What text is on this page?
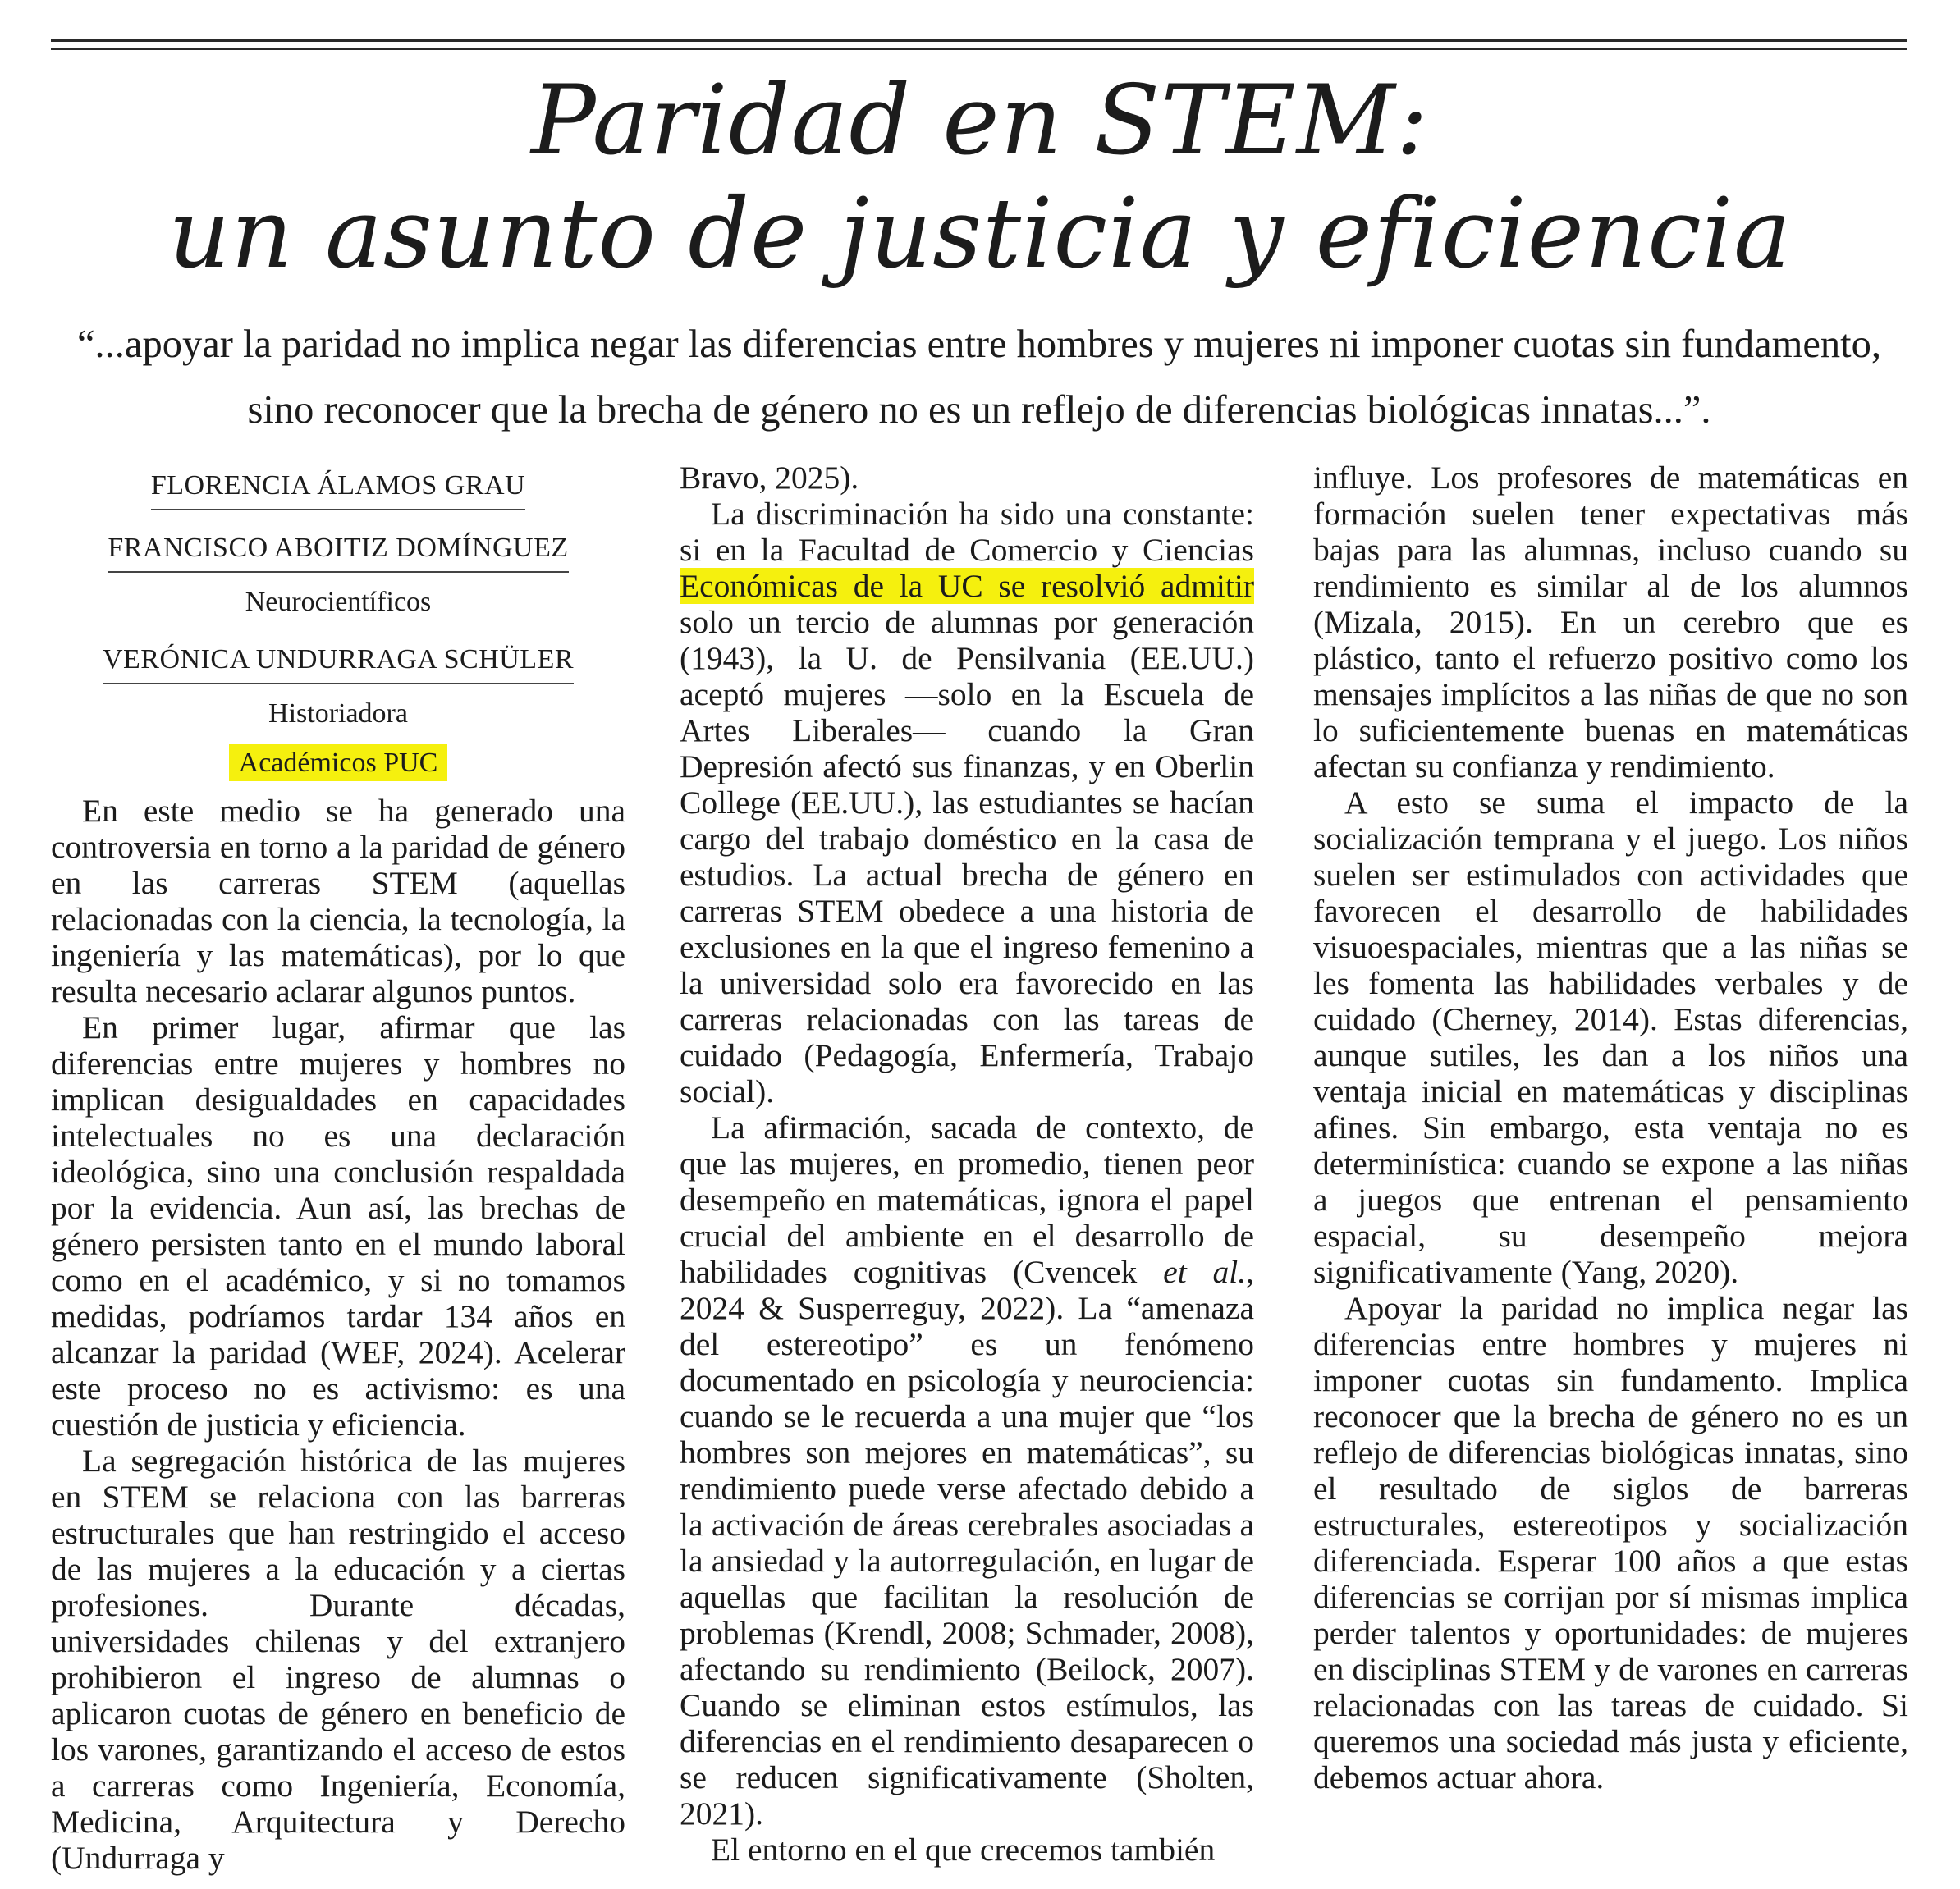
Paridad en STEM:
un asunto de justicia y eficiencia

“...apoyar la paridad no implica negar las diferencias entre hombres y mujeres ni imponer cuotas sin fundamento, sino reconocer que la brecha de género no es un reflejo de diferencias biológicas innatas...”.

FLORENCIA ÁLAMOS GRAU
FRANCISCO ABOITIZ DOMÍNGUEZ
Neurocientíficos
VERÓNICA UNDURRAGA SCHÜLER
Historiadora
Académicos PUC

En este medio se ha generado una controversia en torno a la paridad de género en las carreras STEM (aquellas relacionadas con la ciencia, la tecnología, la ingeniería y las matemáticas), por lo que resulta necesario aclarar algunos puntos.

En primer lugar, afirmar que las diferencias entre mujeres y hombres no implican desigualdades en capacidades intelectuales no es una declaración ideológica, sino una conclusión respaldada por la evidencia. Aun así, las brechas de género persisten tanto en el mundo laboral como en el académico, y si no tomamos medidas, podríamos tardar 134 años en alcanzar la paridad (WEF, 2024). Acelerar este proceso no es activismo: es una cuestión de justicia y eficiencia.

La segregación histórica de las mujeres en STEM se relaciona con las barreras estructurales que han restringido el acceso de las mujeres a la educación y a ciertas profesiones. Durante décadas, universidades chilenas y del extranjero prohibieron el ingreso de alumnas o aplicaron cuotas de género en beneficio de los varones, garantizando el acceso de estos a carreras como Ingeniería, Economía, Medicina, Arquitectura y Derecho (Undurraga y

Bravo, 2025).

La discriminación ha sido una constante: si en la Facultad de Comercio y Ciencias Económicas de la UC se resolvió admitir solo un tercio de alumnas por generación (1943), la U. de Pensilvania (EE.UU.) aceptó mujeres —solo en la Escuela de Artes Liberales— cuando la Gran Depresión afectó sus finanzas, y en Oberlin College (EE.UU.), las estudiantes se hacían cargo del trabajo doméstico en la casa de estudios. La actual brecha de género en carreras STEM obedece a una historia de exclusiones en la que el ingreso femenino a la universidad solo era favorecido en las carreras relacionadas con las tareas de cuidado (Pedagogía, Enfermería, Trabajo social).

La afirmación, sacada de contexto, de que las mujeres, en promedio, tienen peor desempeño en matemáticas, ignora el papel crucial del ambiente en el desarrollo de habilidades cognitivas (Cvencek et al., 2024 & Susperreguy, 2022). La “amenaza del estereotipo” es un fenómeno documentado en psicología y neurociencia: cuando se le recuerda a una mujer que “los hombres son mejores en matemáticas”, su rendimiento puede verse afectado debido a la activación de áreas cerebrales asociadas a la ansiedad y la autorregulación, en lugar de aquellas que facilitan la resolución de problemas (Krendl, 2008; Schmader, 2008), afectando su rendimiento (Beilock, 2007). Cuando se eliminan estos estímulos, las diferencias en el rendimiento desaparecen o se reducen significativamente (Sholten, 2021).

El entorno en el que crecemos también

influye. Los profesores de matemáticas en formación suelen tener expectativas más bajas para las alumnas, incluso cuando su rendimiento es similar al de los alumnos (Mizala, 2015). En un cerebro que es plástico, tanto el refuerzo positivo como los mensajes implícitos a las niñas de que no son lo suficientemente buenas en matemáticas afectan su confianza y rendimiento.

A esto se suma el impacto de la socialización temprana y el juego. Los niños suelen ser estimulados con actividades que favorecen el desarrollo de habilidades visuoespaciales, mientras que a las niñas se les fomenta las habilidades verbales y de cuidado (Cherney, 2014). Estas diferencias, aunque sutiles, les dan a los niños una ventaja inicial en matemáticas y disciplinas afines. Sin embargo, esta ventaja no es determinística: cuando se expone a las niñas a juegos que entrenan el pensamiento espacial, su desempeño mejora significativamente (Yang, 2020).

Apoyar la paridad no implica negar las diferencias entre hombres y mujeres ni imponer cuotas sin fundamento. Implica reconocer que la brecha de género no es un reflejo de diferencias biológicas innatas, sino el resultado de siglos de barreras estructurales, estereotipos y socialización diferenciada. Esperar 100 años a que estas diferencias se corrijan por sí mismas implica perder talentos y oportunidades: de mujeres en disciplinas STEM y de varones en carreras relacionadas con las tareas de cuidado. Si queremos una sociedad más justa y eficiente, debemos actuar ahora.
